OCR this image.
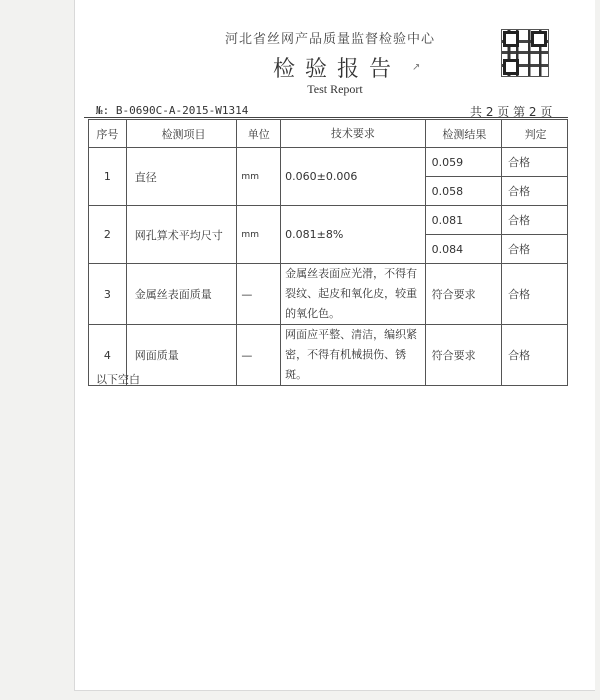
河北省丝网产品质量监督检验中心
检验报告	↗
Test Report
№: B-0690C-A-2015-W1314	共 2 页 第 2 页
序号	检测项目	单位	技术要求	检测结果	判定
1	直径	mm	0.060±0.006	0.059	合格
				0.058	合格
2	网孔算术平均尺寸	mm	0.081±8%	0.081	合格
				0.084	合格
3	金属丝表面质量	—	金属丝表面应光滑，不得有裂纹、起皮和氧化皮，较重的氧化色。	符合要求	合格
4	网面质量	—	网面应平整、清洁，编织紧密，不得有机械损伤、锈斑。	符合要求	合格
以下空白
